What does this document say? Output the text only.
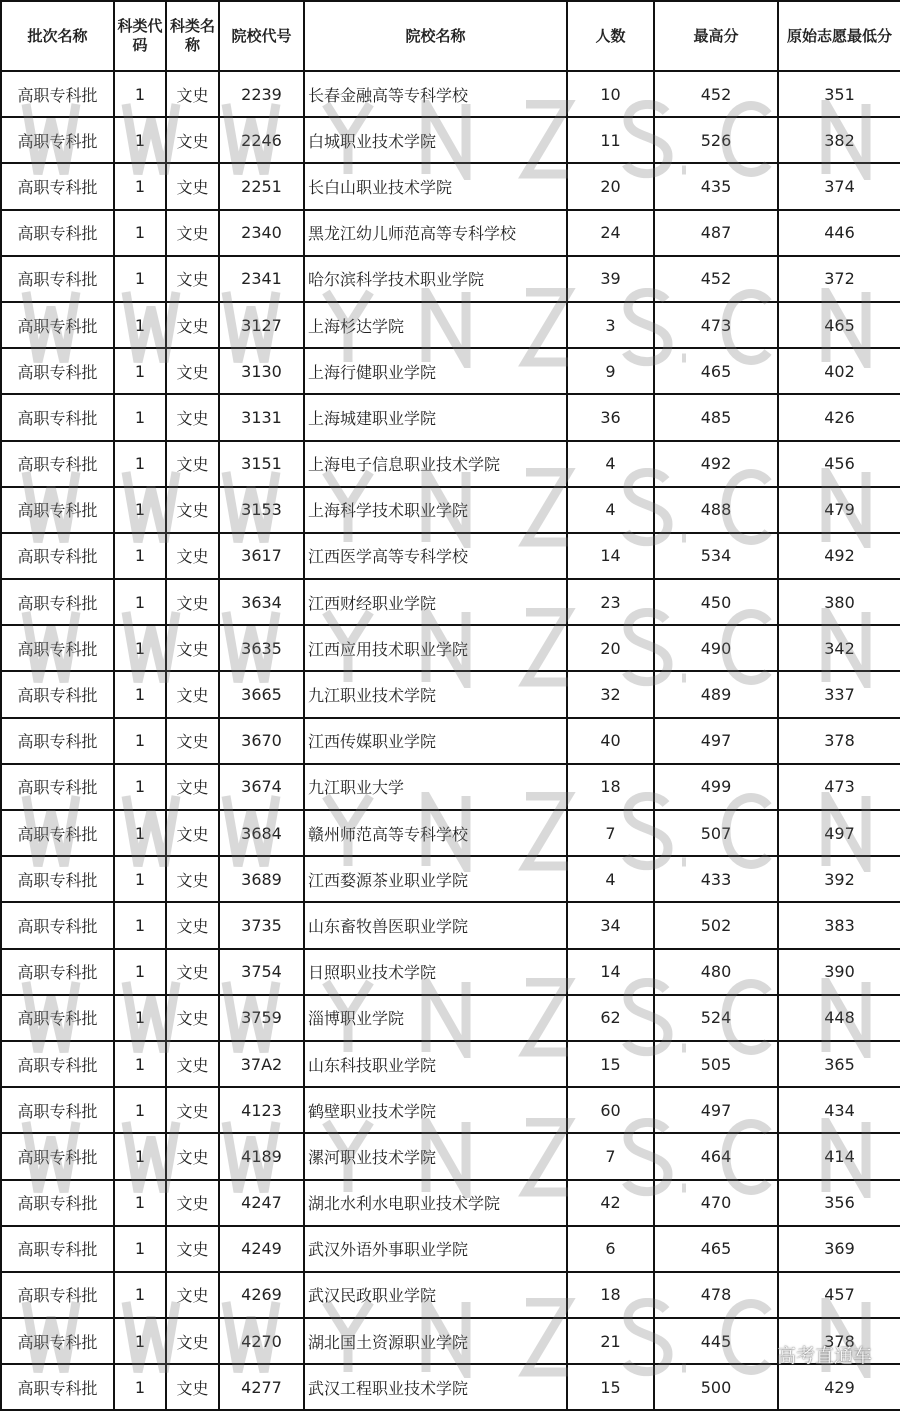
批次名称	科类代码	科类名称	院校代号	院校名称	人数	最高分	原始志愿最低分
高职专科批	1	文史	2239	长春金融高等专科学校	10	452	351
高职专科批	1	文史	2246	白城职业技术学院	11	526	382
高职专科批	1	文史	2251	长白山职业技术学院	20	435	374
高职专科批	1	文史	2340	黑龙江幼儿师范高等专科学校	24	487	446
高职专科批	1	文史	2341	哈尔滨科学技术职业学院	39	452	372
高职专科批	1	文史	3127	上海杉达学院	3	473	465
高职专科批	1	文史	3130	上海行健职业学院	9	465	402
高职专科批	1	文史	3131	上海城建职业学院	36	485	426
高职专科批	1	文史	3151	上海电子信息职业技术学院	4	492	456
高职专科批	1	文史	3153	上海科学技术职业学院	4	488	479
高职专科批	1	文史	3617	江西医学高等专科学校	14	534	492
高职专科批	1	文史	3634	江西财经职业学院	23	450	380
高职专科批	1	文史	3635	江西应用技术职业学院	20	490	342
高职专科批	1	文史	3665	九江职业技术学院	32	489	337
高职专科批	1	文史	3670	江西传媒职业学院	40	497	378
高职专科批	1	文史	3674	九江职业大学	18	499	473
高职专科批	1	文史	3684	赣州师范高等专科学校	7	507	497
高职专科批	1	文史	3689	江西婺源茶业职业学院	4	433	392
高职专科批	1	文史	3735	山东畜牧兽医职业学院	34	502	383
高职专科批	1	文史	3754	日照职业技术学院	14	480	390
高职专科批	1	文史	3759	淄博职业学院	62	524	448
高职专科批	1	文史	37A2	山东科技职业学院	15	505	365
高职专科批	1	文史	4123	鹤壁职业技术学院	60	497	434
高职专科批	1	文史	4189	漯河职业技术学院	7	464	414
高职专科批	1	文史	4247	湖北水利水电职业技术学院	42	470	356
高职专科批	1	文史	4249	武汉外语外事职业学院	6	465	369
高职专科批	1	文史	4269	武汉民政职业学院	18	478	457
高职专科批	1	文史	4270	湖北国土资源职业学院	21	445	378
高职专科批	1	文史	4277	武汉工程职业技术学院	15	500	429
高考直通车
